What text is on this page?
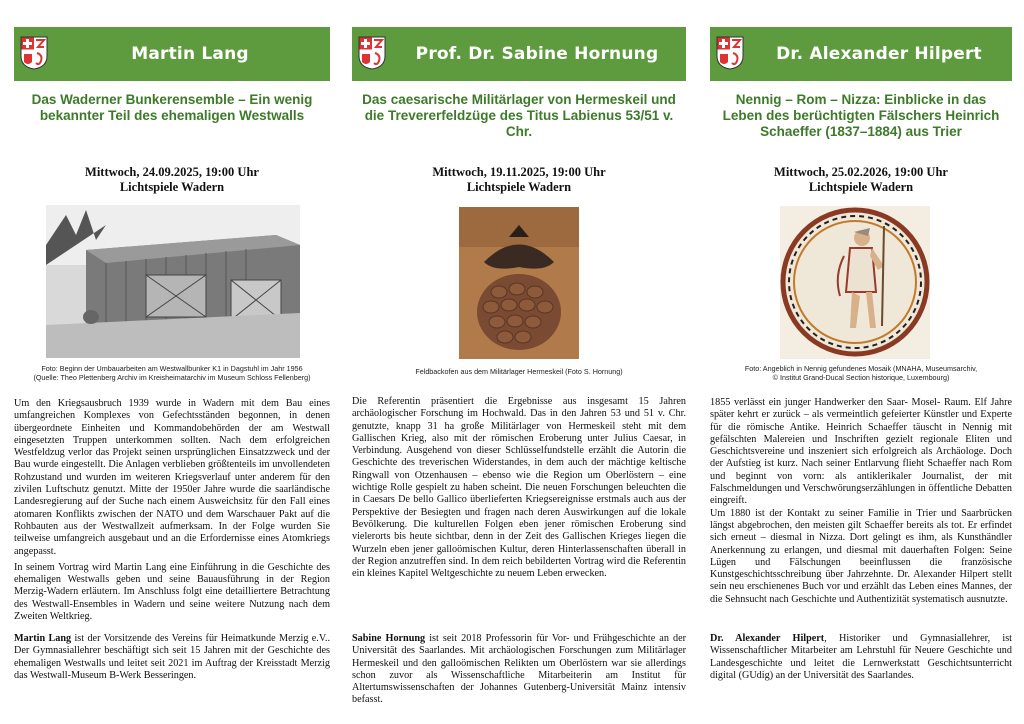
Martin Lang
Das Waderner Bunkerensemble – Ein wenig bekannter Teil des ehemaligen Westwalls
Mittwoch, 24.09.2025, 19:00 Uhr
Lichtspiele Wadern
Foto: Beginn der Umbauarbeiten am Westwallbunker K1 in Dagstuhl im Jahr 1956
(Quelle: Theo Plettenberg Archiv im Kreisheimatarchiv im Museum Schloss Fellenberg)

Um den Kriegsausbruch 1939 wurde in Wadern mit dem Bau eines umfangreichen Komplexes von Gefechtsständen begonnen, in denen übergeordnete Einheiten und Kommandobehörden der am Westwall eingesetzten Truppen unterkommen sollten. Nach dem erfolgreichen Westfeldzug verlor das Projekt seinen ursprünglichen Einsatzzweck und der Bau wurde eingestellt. Die Anlagen verblieben größtenteils im unvollendeten Rohzustand und wurden im weiteren Kriegsverlauf unter anderem für den zivilen Luftschutz genutzt. Mitte der 1950er Jahre wurde die saarländische Landesregierung auf der Suche nach einem Ausweichsitz für den Fall eines atomaren Konflikts zwischen der NATO und dem Warschauer Pakt auf die Rohbauten aus der Westwallzeit aufmerksam. In der Folge wurden Sie teilweise umfangreich ausgebaut und an die Erfordernisse eines Atomkriegs angepasst.

In seinem Vortrag wird Martin Lang eine Einführung in die Geschichte des ehemaligen Westwalls geben und seine Bauausführung in der Region Merzig-Wadern erläutern. Im Anschluss folgt eine detailliertere Betrachtung des Westwall-Ensembles in Wadern und seine weitere Nutzung nach dem Zweiten Weltkrieg.

Martin Lang ist der Vorsitzende des Vereins für Heimatkunde Merzig e.V.. Der Gymnasiallehrer beschäftigt sich seit 15 Jahren mit der Geschichte des ehemaligen Westwalls und leitet seit 2021 im Auftrag der Kreisstadt Merzig das Westwall-Museum B-Werk Besseringen.
Prof. Dr. Sabine Hornung
Das caesarische Militärlager von Hermeskeil und die Trevererfeldzüge des Titus Labienus 53/51 v. Chr.
Mittwoch, 19.11.2025, 19:00 Uhr
Lichtspiele Wadern
Feldbackofen aus dem Militärlager Hermeskeil (Foto S. Hornung)

Die Referentin präsentiert die Ergebnisse aus insgesamt 15 Jahren archäologischer Forschung im Hochwald. Das in den Jahren 53 und 51 v. Chr. genutzte, knapp 31 ha große Militärlager von Hermeskeil steht mit dem Gallischen Krieg, also mit der römischen Eroberung unter Julius Caesar, in Verbindung. Ausgehend von dieser Schlüsselfundstelle erzählt die Autorin die Geschichte des treverischen Widerstandes, in dem auch der mächtige keltische Ringwall von Otzenhausen – ebenso wie die Region um Oberlöstern – eine wichtige Rolle gespielt zu haben scheint. Die neuen Forschungen beleuchten die in Caesars De bello Gallico überlieferten Kriegsereignisse erstmals auch aus der Perspektive der Besiegten und fragen nach deren Auswirkungen auf die lokale Bevölkerung. Die kulturellen Folgen eben jener römischen Eroberung sind vielerorts bis heute sichtbar, denn in der Zeit des Gallischen Krieges liegen die Wurzeln eben jener galloömischen Kultur, deren Hinterlassenschaften überall in der Region anzutreffen sind. In dem reich bebilderten Vortrag wird die Referentin ein kleines Kapitel Weltgeschichte zu neuem Leben erwecken.

Sabine Hornung ist seit 2018 Professorin für Vor- und Frühgeschichte an der Universität des Saarlandes. Mit archäologischen Forschungen zum Militärlager Hermeskeil und den galloömischen Relikten um Oberlöstern war sie allerdings schon zuvor als Wissenschaftliche Mitarbeiterin am Institut für Altertumswissenschaften der Johannes Gutenberg-Universität Mainz intensiv befasst.
Dr. Alexander Hilpert
Nennig – Rom – Nizza: Einblicke in das Leben des berüchtigten Fälschers Heinrich Schaeffer (1837–1884) aus Trier
Mittwoch, 25.02.2026, 19:00 Uhr
Lichtspiele Wadern
Foto: Angeblich in Nennig gefundenes Mosaik (MNAHA, Museumsarchiv,
© Institut Grand-Ducal Section historique, Luxembourg)

1855 verlässt ein junger Handwerker den Saar- Mosel- Raum. Elf Jahre später kehrt er zurück – als vermeintlich gefeierter Künstler und Experte für die römische Antike. Heinrich Schaeffer täuscht in Nennig mit gefälschten Malereien und Inschriften gezielt regionale Eliten und Geschichtsvereine und inszeniert sich erfolgreich als Archäologe. Doch der Aufstieg ist kurz. Nach seiner Entlarvung flieht Schaeffer nach Rom und beginnt von vorn: als antiklerikaler Journalist, der mit Falschmeldungen und Verschwörungserzählungen in öffentliche Debatten eingreift.

Um 1880 ist der Kontakt zu seiner Familie in Trier und Saarbrücken längst abgebrochen, den meisten gilt Schaeffer bereits als tot. Er erfindet sich erneut – diesmal in Nizza. Dort gelingt es ihm, als Kunsthändler Anerkennung zu erlangen, und diesmal mit dauerhaften Folgen: Seine Lügen und Fälschungen beeinflussen die französische Kunstgeschichtsschreibung über Jahrzehnte. Dr. Alexander Hilpert stellt sein neu erschienenes Buch vor und erzählt das Leben eines Mannes, der die Sehnsucht nach Geschichte und Authentizität systematisch ausnutzte.

Dr. Alexander Hilpert, Historiker und Gymnasiallehrer, ist Wissenschaftlicher Mitarbeiter am Lehrstuhl für Neuere Geschichte und Landesgeschichte und leitet die Lernwerkstatt Geschichtsunterricht digital (GUdig) an der Universität des Saarlandes.
